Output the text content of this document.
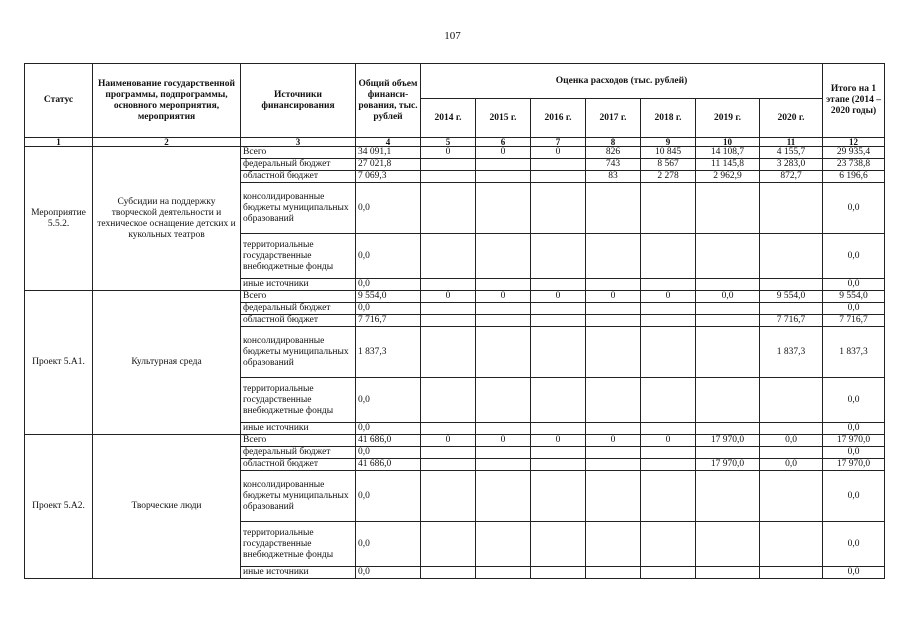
107
Статус	Наименование государственной программы, подпрограммы, основного мероприятия, мероприятия	Источники финансирования	Общий объем финанси-рования, тыс. рублей	Оценка расходов (тыс. рублей)							Итого на 1 этапе (2014 – 2020 годы)
				2014 г.	2015 г.	2016 г.	2017 г.	2018 г.	2019 г.	2020 г.	
1	2	3	4	5	6	7	8	9	10	11	12
Мероприятие 5.5.2.	Субсидии на поддержку творческой деятельности и техническое оснащение детских и кукольных театров	Всего	34 091,1	0	0	0	826	10 845	14 108,7	4 155,7	29 935,4
		федеральный бюджет	27 021,8				743	8 567	11 145,8	3 283,0	23 738,8
		областной бюджет	7 069,3				83	2 278	2 962,9	872,7	6 196,6
		консолидированные бюджеты муниципальных образований	0,0								0,0
		территориальные государственные внебюджетные фонды	0,0								0,0
		иные источники	0,0								0,0
Проект 5.А1.	Культурная среда	Всего	9 554,0	0	0	0	0	0	0,0	9 554,0	9 554,0
		федеральный бюджет	0,0								0,0
		областной бюджет	7 716,7							7 716,7	7 716,7
		консолидированные бюджеты муниципальных образований	1 837,3							1 837,3	1 837,3
		территориальные государственные внебюджетные фонды	0,0								0,0
		иные источники	0,0								0,0
Проект 5.А2.	Творческие люди	Всего	41 686,0	0	0	0	0	0	17 970,0	0,0	17 970,0
		федеральный бюджет	0,0								0,0
		областной бюджет	41 686,0						17 970,0	0,0	17 970,0
		консолидированные бюджеты муниципальных образований	0,0								0,0
		территориальные государственные внебюджетные фонды	0,0								0,0
		иные источники	0,0								0,0
